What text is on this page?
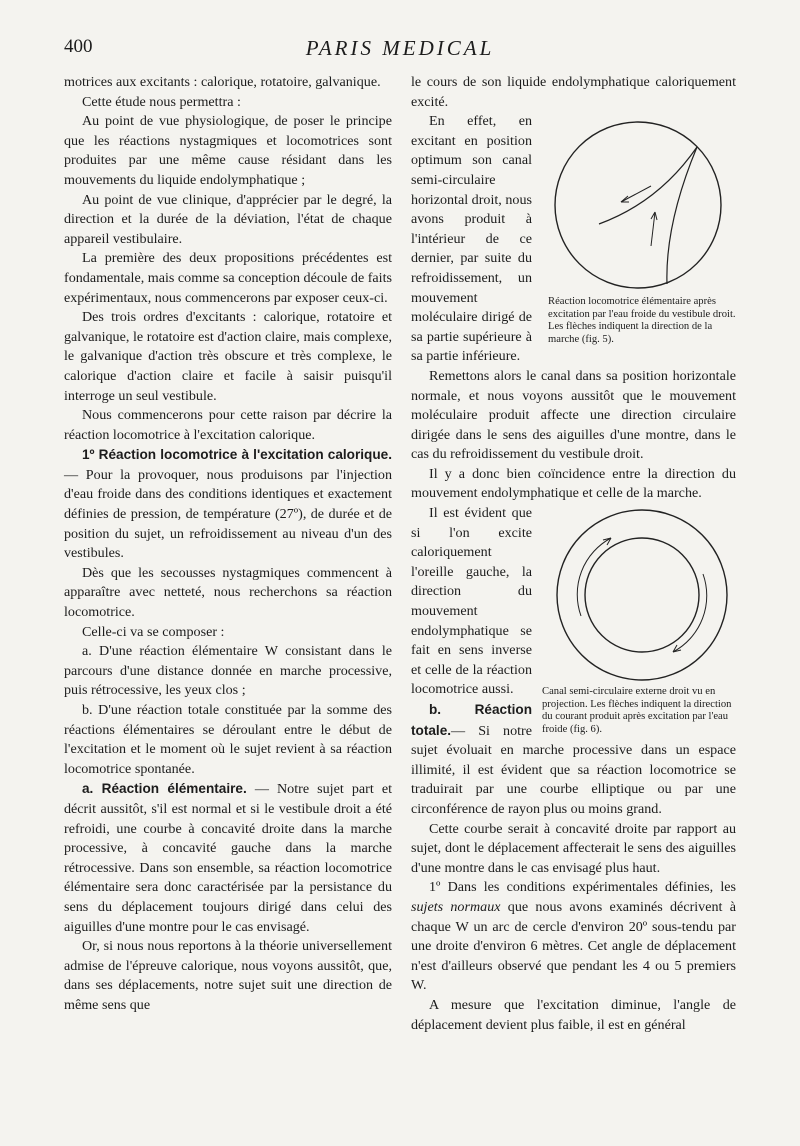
400	PARIS MEDICAL

motrices aux excitants : calorique, rotatoire, galvanique.

Cette étude nous permettra :

Au point de vue physiologique, de poser le principe que les réactions nystagmiques et locomotrices sont produites par une même cause résidant dans les mouvements du liquide endolymphatique ;

Au point de vue clinique, d'apprécier par le degré, la direction et la durée de la déviation, l'état de chaque appareil vestibulaire.

La première des deux propositions précédentes est fondamentale, mais comme sa conception découle de faits expérimentaux, nous commencerons par exposer ceux-ci.

Des trois ordres d'excitants : calorique, rotatoire et galvanique, le rotatoire est d'action claire, mais complexe, le galvanique d'action très obscure et très complexe, le calorique d'action claire et facile à saisir puisqu'il interroge un seul vestibule.

Nous commencerons pour cette raison par décrire la réaction locomotrice à l'excitation calorique.

1º Réaction locomotrice à l'excitation calorique. — Pour la provoquer, nous produisons par l'injection d'eau froide dans des conditions identiques et exactement définies de pression, de température (27º), de durée et de position du sujet, un refroidissement au niveau d'un des vestibules.

Dès que les secousses nystagmiques commencent à apparaître avec netteté, nous recherchons sa réaction locomotrice.

Celle-ci va se composer :

a. D'une réaction élémentaire W consistant dans le parcours d'une distance donnée en marche processive, puis rétrocessive, les yeux clos ;

b. D'une réaction totale constituée par la somme des réactions élémentaires se déroulant entre le début de l'excitation et le moment où le sujet revient à sa réaction locomotrice spontanée.

a. Réaction élémentaire. — Notre sujet part et décrit aussitôt, s'il est normal et si le vestibule droit a été refroidi, une courbe à concavité droite dans la marche processive, à concavité gauche dans la marche rétrocessive. Dans son ensemble, sa réaction locomotrice élémentaire sera donc caractérisée par la persistance du sens du déplacement toujours dirigé dans celui des aiguilles d'une montre pour le cas envisagé.

Or, si nous nous reportons à la théorie universellement admise de l'épreuve calorique, nous voyons aussitôt, que, dans ses déplacements, notre sujet suit une direction de même sens que

le cours de son liquide endolymphatique caloriquement excité.

Réaction locomotrice élémentaire après excitation par l'eau froide du vestibule droit. Les flèches indiquent la direction de la marche (fig. 5).

En effet, en excitant en position optimum son canal semi-circulaire horizontal droit, nous avons produit à l'intérieur de ce dernier, par suite du refroidissement, un mouvement moléculaire dirigé de sa partie supérieure à sa partie inférieure.

Remettons alors le canal dans sa position horizontale normale, et nous voyons aussitôt que le mouvement moléculaire produit affecte une direction circulaire dirigée dans le sens des aiguilles d'une montre, dans le cas du refroidissement du vestibule droit.

Il y a donc bien coïncidence entre la direction du mouvement endolymphatique et celle de la marche.

Canal semi-circulaire externe droit vu en projection. Les flèches indiquent la direction du courant produit après excitation par l'eau froide (fig. 6).

Il est évident que si l'on excite caloriquement l'oreille gauche, la direction du mouvement endolymphatique se fait en sens inverse et celle de la réaction locomotrice aussi.

b. Réaction totale.— Si notre sujet évoluait en marche processive dans un espace illimité, il est évident que sa réaction locomotrice se traduirait par une courbe elliptique ou par une circonférence de rayon plus ou moins grand.

Cette courbe serait à concavité droite par rapport au sujet, dont le déplacement affecterait le sens des aiguilles d'une montre dans le cas envisagé plus haut.

1º Dans les conditions expérimentales définies, les sujets normaux que nous avons examinés décrivent à chaque W un arc de cercle d'environ 20º sous-tendu par une droite d'environ 6 mètres. Cet angle de déplacement n'est d'ailleurs observé que pendant les 4 ou 5 premiers W.

A mesure que l'excitation diminue, l'angle de déplacement devient plus faible, il est en général
